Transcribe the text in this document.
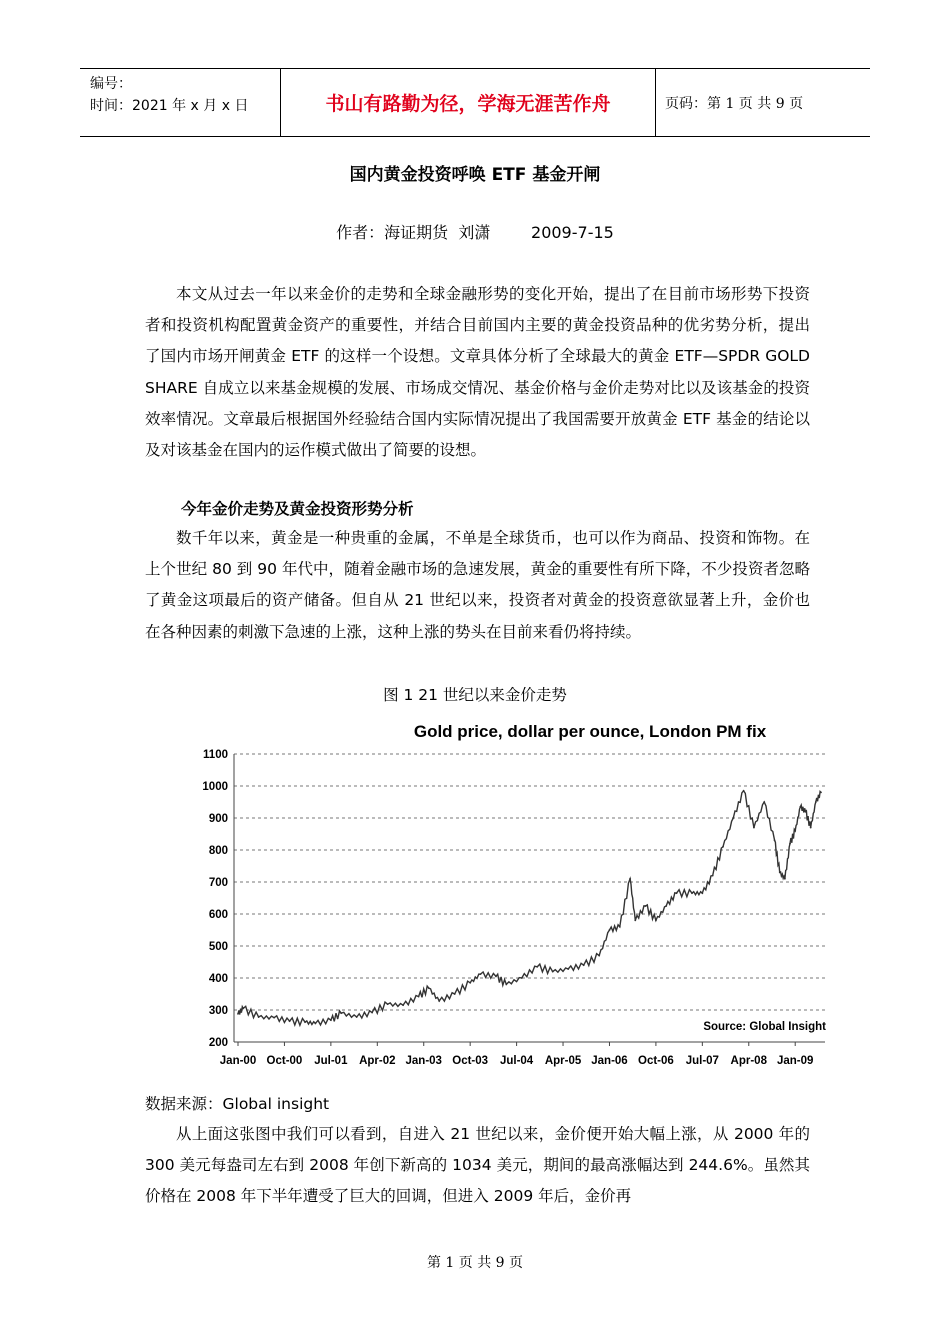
编号：
时间：2021 年 x 月 x 日	书山有路勤为径，学海无涯苦作舟	页码：第 1 页 共 9 页
国内黄金投资呼唤 ETF 基金开闸
作者：海证期货  刘潇        2009-7-15

本文从过去一年以来金价的走势和全球金融形势的变化开始，提出了在目前市场形势下投资者和投资机构配置黄金资产的重要性，并结合目前国内主要的黄金投资品种的优劣势分析，提出了国内市场开闸黄金 ETF 的这样一个设想。文章具体分析了全球最大的黄金 ETF—SPDR GOLD SHARE 自成立以来基金规模的发展、市场成交情况、基金价格与金价走势对比以及该基金的投资效率情况。文章最后根据国外经验结合国内实际情况提出了我国需要开放黄金 ETF 基金的结论以及对该基金在国内的运作模式做出了简要的设想。

今年金价走势及黄金投资形势分析

数千年以来，黄金是一种贵重的金属，不单是全球货币，也可以作为商品、投资和饰物。在上个世纪 80 到 90 年代中，随着金融市场的急速发展，黄金的重要性有所下降，不少投资者忽略了黄金这项最后的资产储备。但自从 21 世纪以来，投资者对黄金的投资意欲显著上升，金价也在各种因素的刺激下急速的上涨，这种上涨的势头在目前来看仍将持续。

图 1 21 世纪以来金价走势
Gold price, dollar per ounce, London PM fix
1100
1000
900
800
700
600
500
400
300
200
Jan-00 Oct-00 Jul-01 Apr-02 Jan-03 Oct-03 Jul-04 Apr-05 Jan-06 Oct-06 Jul-07 Apr-08 Jan-09
Source: Global Insight
数据来源：Global insight

从上面这张图中我们可以看到，自进入 21 世纪以来，金价便开始大幅上涨，从 2000 年的 300 美元每盎司左右到 2008 年创下新高的 1034 美元，期间的最高涨幅达到 244.6%。虽然其价格在 2008 年下半年遭受了巨大的回调，但进入 2009 年后，金价再

第 1 页 共 9 页
